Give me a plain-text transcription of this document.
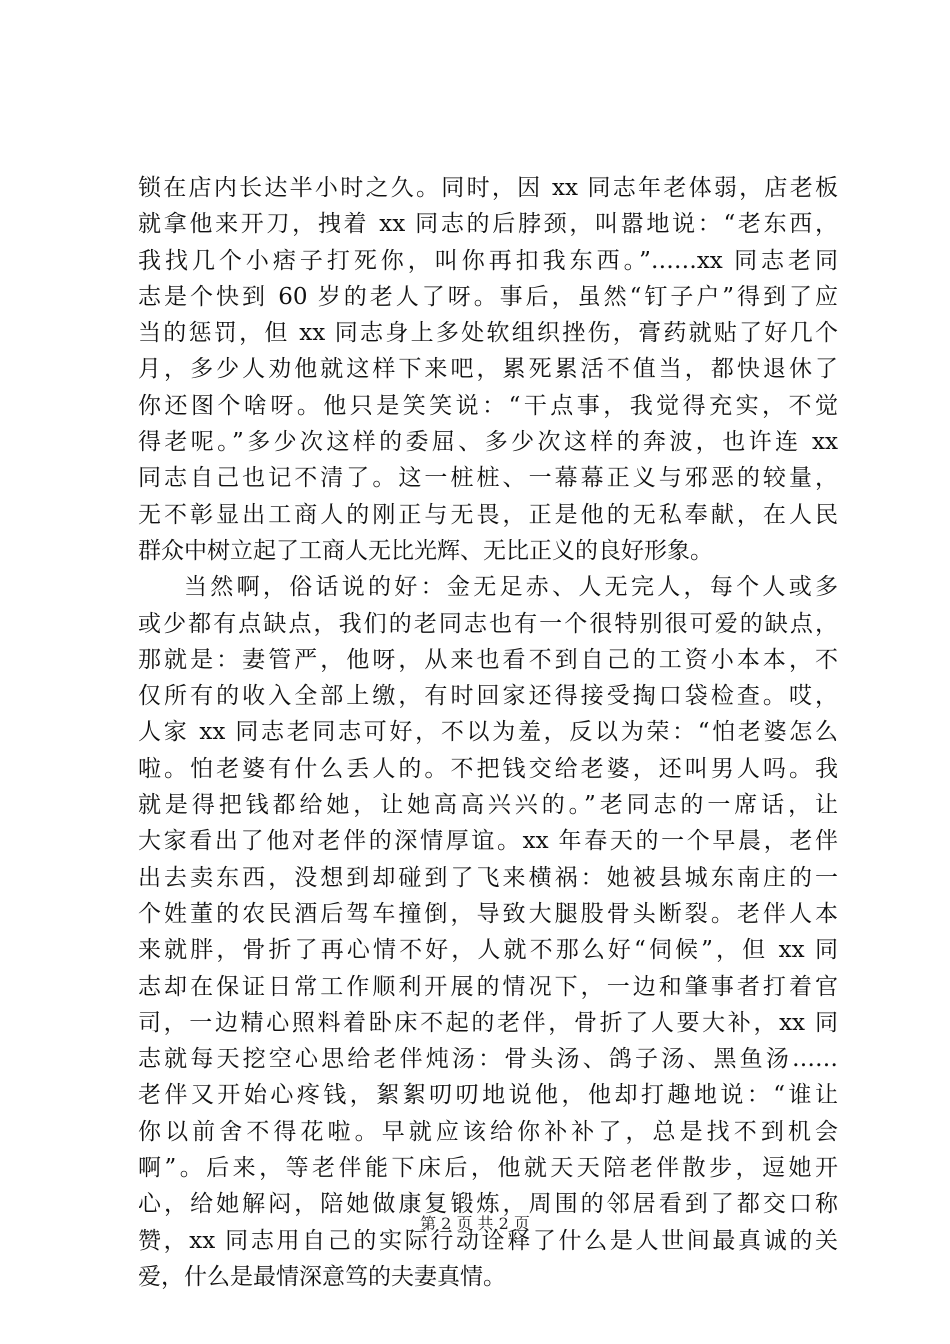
锁在店内长达半小时之久。同时，因 xx 同志年老体弱，店老板
就拿他来开刀，拽着 xx 同志的后脖颈，叫嚣地说：“老东西，
我找几个小痞子打死你，叫你再扣我东西。”……xx 同志老同
志是个快到 60 岁的老人了呀。事后，虽然“钉子户”得到了应
当的惩罚，但 xx 同志身上多处软组织挫伤，膏药就贴了好几个
月，多少人劝他就这样下来吧，累死累活不值当，都快退休了
你还图个啥呀。他只是笑笑说：“干点事，我觉得充实，不觉
得老呢。”多少次这样的委屈、多少次这样的奔波，也许连 xx
同志自己也记不清了。这一桩桩、一幕幕正义与邪恶的较量，
无不彰显出工商人的刚正与无畏，正是他的无私奉献，在人民
群众中树立起了工商人无比光辉、无比正义的良好形象。
当然啊，俗话说的好：金无足赤、人无完人，每个人或多
或少都有点缺点，我们的老同志也有一个很特别很可爱的缺点，
那就是：妻管严，他呀，从来也看不到自己的工资小本本，不
仅所有的收入全部上缴，有时回家还得接受掏口袋检查。哎，
人家 xx 同志老同志可好，不以为羞，反以为荣：“怕老婆怎么
啦。怕老婆有什么丢人的。不把钱交给老婆，还叫男人吗。我
就是得把钱都给她，让她高高兴兴的。”老同志的一席话，让
大家看出了他对老伴的深情厚谊。xx 年春天的一个早晨，老伴
出去卖东西，没想到却碰到了飞来横祸：她被县城东南庄的一
个姓董的农民酒后驾车撞倒，导致大腿股骨头断裂。老伴人本
来就胖，骨折了再心情不好，人就不那么好“伺候”，但 xx 同
志却在保证日常工作顺利开展的情况下，一边和肇事者打着官
司，一边精心照料着卧床不起的老伴，骨折了人要大补，xx 同
志就每天挖空心思给老伴炖汤：骨头汤、鸽子汤、黑鱼汤……
老伴又开始心疼钱，絮絮叨叨地说他，他却打趣地说：“谁让
你以前舍不得花啦。早就应该给你补补了，总是找不到机会
啊”。后来，等老伴能下床后，他就天天陪老伴散步，逗她开
心，给她解闷，陪她做康复锻炼，周围的邻居看到了都交口称
赞，xx 同志用自己的实际行动诠释了什么是人世间最真诚的关
爱，什么是最情深意笃的夫妻真情。
第 2 页 共 2 页
